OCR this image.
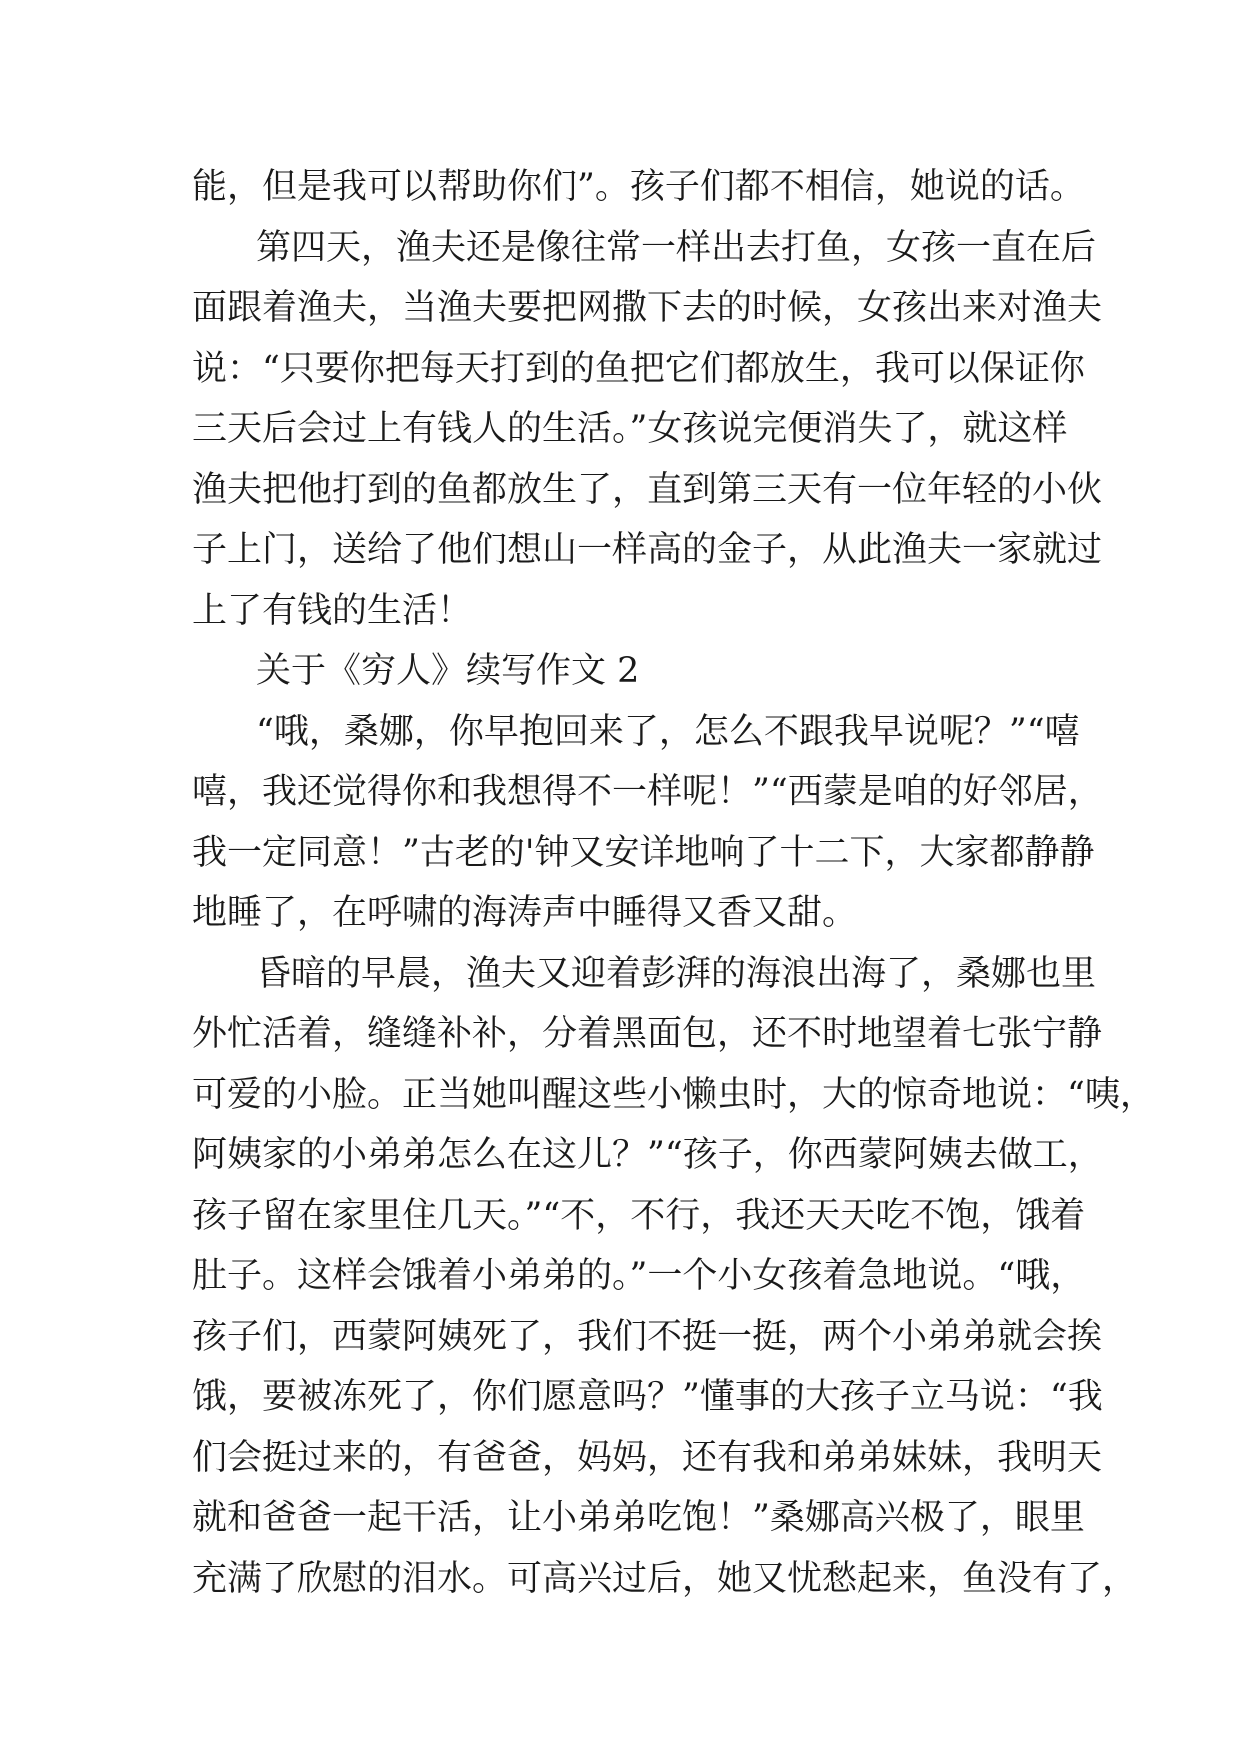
能，但是我可以帮助你们”。孩子们都不相信，她说的话。
第四天，渔夫还是像往常一样出去打鱼，女孩一直在后
面跟着渔夫，当渔夫要把网撒下去的时候，女孩出来对渔夫
说：“只要你把每天打到的鱼把它们都放生，我可以保证你
三天后会过上有钱人的生活。”女孩说完便消失了，就这样
渔夫把他打到的鱼都放生了，直到第三天有一位年轻的小伙
子上门，送给了他们想山一样高的金子，从此渔夫一家就过
上了有钱的生活！
关于《穷人》续写作文 2
“哦，桑娜，你早抱回来了，怎么不跟我早说呢？”“嘻
嘻，我还觉得你和我想得不一样呢！”“西蒙是咱的好邻居，
我一定同意！”古老的'钟又安详地响了十二下，大家都静静
地睡了，在呼啸的海涛声中睡得又香又甜。
昏暗的早晨，渔夫又迎着彭湃的海浪出海了，桑娜也里
外忙活着，缝缝补补，分着黑面包，还不时地望着七张宁静
可爱的小脸。正当她叫醒这些小懒虫时，大的惊奇地说：“咦，
阿姨家的小弟弟怎么在这儿？”“孩子，你西蒙阿姨去做工，
孩子留在家里住几天。”“不，不行，我还天天吃不饱，饿着
肚子。这样会饿着小弟弟的。”一个小女孩着急地说。“哦，
孩子们，西蒙阿姨死了，我们不挺一挺，两个小弟弟就会挨
饿，要被冻死了，你们愿意吗？”懂事的大孩子立马说：“我
们会挺过来的，有爸爸，妈妈，还有我和弟弟妹妹，我明天
就和爸爸一起干活，让小弟弟吃饱！”桑娜高兴极了，眼里
充满了欣慰的泪水。可高兴过后，她又忧愁起来，鱼没有了，
